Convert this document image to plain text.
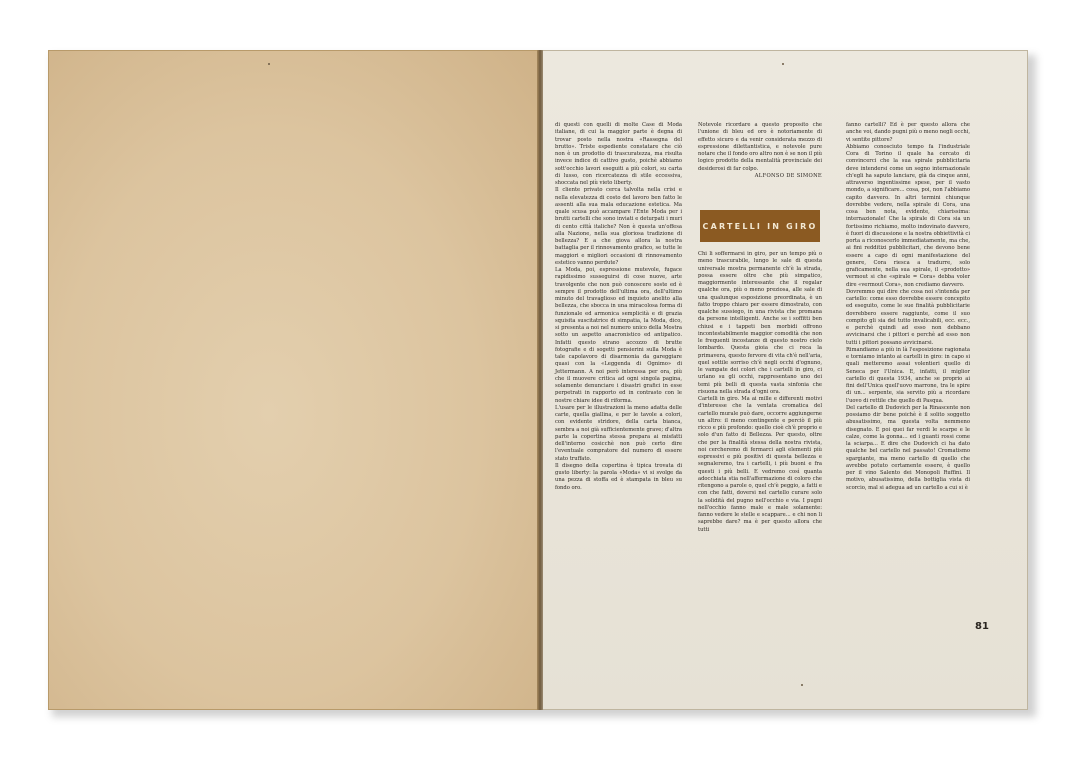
di questi con quelli di molte Case di Moda italiane, di cui la maggior parte è degna di trovar posto nella nostra «Rassegna del brutto». Triste espediente constatare che ciò non è un prodotto di trascuratezza, ma risulta invece indice di cattivo gusto, poichè abbiamo sott'occhio lavori eseguiti a più colori, su carta di lusso, con ricercatezza di stile eccessiva, shoccata nel più vieto liberty.

Il cliente privato cerca talvolta nella crisi e nella elevatezza di costo del lavoro ben fatto le assenti alla sua mala educazione estetica. Ma quale scusa può accampare l'Ente Moda per i brutti cartelli che sono inviati e deturpati i muri di cento città italiche? Non è questa un'offesa alla Nazione, nella sua gloriosa tradizione di bellezza? E a che giova allora la nostra battaglia per il rinnovamento grafico, se tutte le maggiori e migliori occasioni di rinnovamento estetico vanno perdute?

La Moda, poi, espressione mutevole, fugace rapidissimo susseguirsi di cose nuove, arte travolgente che non può conoscere soste ed è sempre il prodotto dell'ultima ora, dell'ultimo minuto del travaglioso ed inquieto anelito alla bellezza, che sbocca in una miracolosa forma di funzionale ed armonica semplicità e di grazia squisita suscitatrice di simpatia, la Moda, dico, si presenta a noi nel numero unico della Mostra sotto un aspetto anacronistico ed antipatico. Infatti questo strano accozzo di brutte fotografie e di sogetti pensierini sulla Moda è tale capolavoro di disarmonia da gareggiare quasi con la «Leggenda di Ognimo» di Jettermann. A noi però interessa per ora, più che il muovere critica ad ogni singola pagina, solamente denunciare i disastri grafici in esse perpetrati in rapporto ed in contrasto con le nostre chiare idee di riforma.

L'usare per le illustrazioni la meno adatta delle carte, quella giallina, e per le tavole a colori, con evidente stridore, della carta bianca, sembra a noi già sufficientemente grave; d'altra parte la copertina stessa prepara ai misfatti dell'interno cosicchè non può certo dire l'eventuale compratore del numero di essere stato truffato.

Il disegno della copertina è tipica trovata di gusto liberty: la parola «Moda» vi si svolge da una pezza di stoffa ed è stampata in bleu su fondo oro.

Notevole ricordare a questo proposito che l'unione di bleu ed oro è notoriamente di effetto sicuro e da venir considerata mezzo di espressione dilettantistica, e notevole pure notare che il fondo oro altro non è se non il più logico prodotto della mentalità provinciale dei desiderosi di far colpo.

ALFONSO DE SIMONE

CARTELLI IN GIRO

Chi li soffermarsi in giro, per un tempo più o meno trascurabile, lungo le sale di questa universale mostra permanente ch'è la strada, possa essere oltre che più simpatico, maggiormente interessante che il regalar qualche ora, più o meno preziosa, alle sale di una qualunque esposizione preordinata, è un fatto troppo chiaro per essere dimostrato, con qualche sussiego, in una rivista che promana da persone intelligenti. Anche se i soffitti ben chiusi e i tappeti ben morbidi offrono incontestabilmente maggior comodità che non le frequenti incostanze di questo nostro cielo lombardo. Questa gioia che ci reca la primavera, questo fervore di vita ch'è nell'aria, quel sottile sorriso ch'è negli occhi d'ognuno, le vampate dei colori che i cartelli in giro, ci urlano su gli occhi, rappresentano uno dei temi più belli di questa vasta sinfonia che risuona nella strada d'ogni ora.

Cartelli in giro. Ma ai mille e differenti motivi d'interesse che la ventata cromatica del cartello murale può dare, occorre aggiungerne un altro: il meno contingente e perciò il più ricco e più profondo: quello cioè ch'è proprio e solo d'un fatto di Bellezza. Per questo, oltre che per la finalità stessa della nostra rivista, noi cercheremo di fermarci agli elementi più espressivi e più positivi di questa bellezza e segnaleremo, tra i cartelli, i più buoni e fra questi i più belli. E vedremo così quanta adocchiata stia nell'affermazione di coloro che ritengono a parole o, quel ch'è peggio, a fatti e con che fatti, doversi nel cartello curare solo la solidità del pugno nell'occhio e via. I pugni nell'occhio fanno male e male solamente: fanno vedere le stelle e scappare... e chi non li saprebbe dare? ma è per questo allora che tutti

fanno cartelli? Ed è per questo allora che anche voi, dando pugni più o meno negli occhi, vi sentite pittore?

Abbiamo conosciuto tempo fa l'industriale Cora di Torino il quale ha cercato di convincerci che la sua spirale pubblicitaria deve intendersi come un segno internazionale ch'egli ha saputo lanciare, già da cinque anni, attraverso ingentissime spese, per il vasto mondo, a significare... cosa, poi, non l'abbiamo capito davvero. In altri termini chiunque dovrebbe vedere, nella spirale di Cora, una cosa ben nota, evidente, chiarissima: internazionale! Che la spirale di Cora sia un fortissimo richiamo, molto indovinato davvero, è fuori di discussione e la nostra obbiettività ci porta a riconoscerlo immediatamente, ma che, ai fini redditizi pubblicitari, che devono bene essere a capo di ogni manifestazione del genere, Cora riesca a tradurre, solo graficamente, nella sua spirale, il «prodotto» vermout si che «spirale = Cora» debba voler dire «vermout Cora», non crediamo davvero.

Dovremmo qui dire che cosa noi s'intenda per cartello: come esso dovrebbe essere concepito ed eseguito, come le sue finalità pubblicitarie dovrebbero essere raggiunte, come il suo compito gli sia del tutto invalicabili, ecc. ecc., e perchè quindi ad esso non debbano avvicinarsi che i pittori e perchè ad esso non tutti i pittori possano avvicinarsi.

Rimandiamo a più in là l'esposizione ragionata e torniamo intanto ai cartelli in giro: in capo si quali metteremo assai volentieri quello di Seneca per l'Unica. E, infatti, il miglior cartello di questa 1934, anche se proprio ai fini dell'Unica quell'uovo marrone, tra le spire di un... serpente, sia servito più a ricordare l'uovo di rettile che quello di Pasqua.

Del cartello di Dudovich per la Rinascente non possiamo dir bene poichè è il solito soggetto abusatissimo, ma questa volta nemmeno disegnato. E poi quei far verdi le scarpe e le calze, come la gonna... ed i guanti rossi come la sciarpa... E dire che Dudovich ci ha dato qualche bel cartello nel passato! Cromatismo sgargiante, ma meno cartello di quello che avrebbe potuto certamente essere, è quello per il vino Salento dei Monopoli Ruffini. Il motivo, abusatissimo, della bottiglia vista di scorcio, mal si adegua ad un cartello a cui si è

81
